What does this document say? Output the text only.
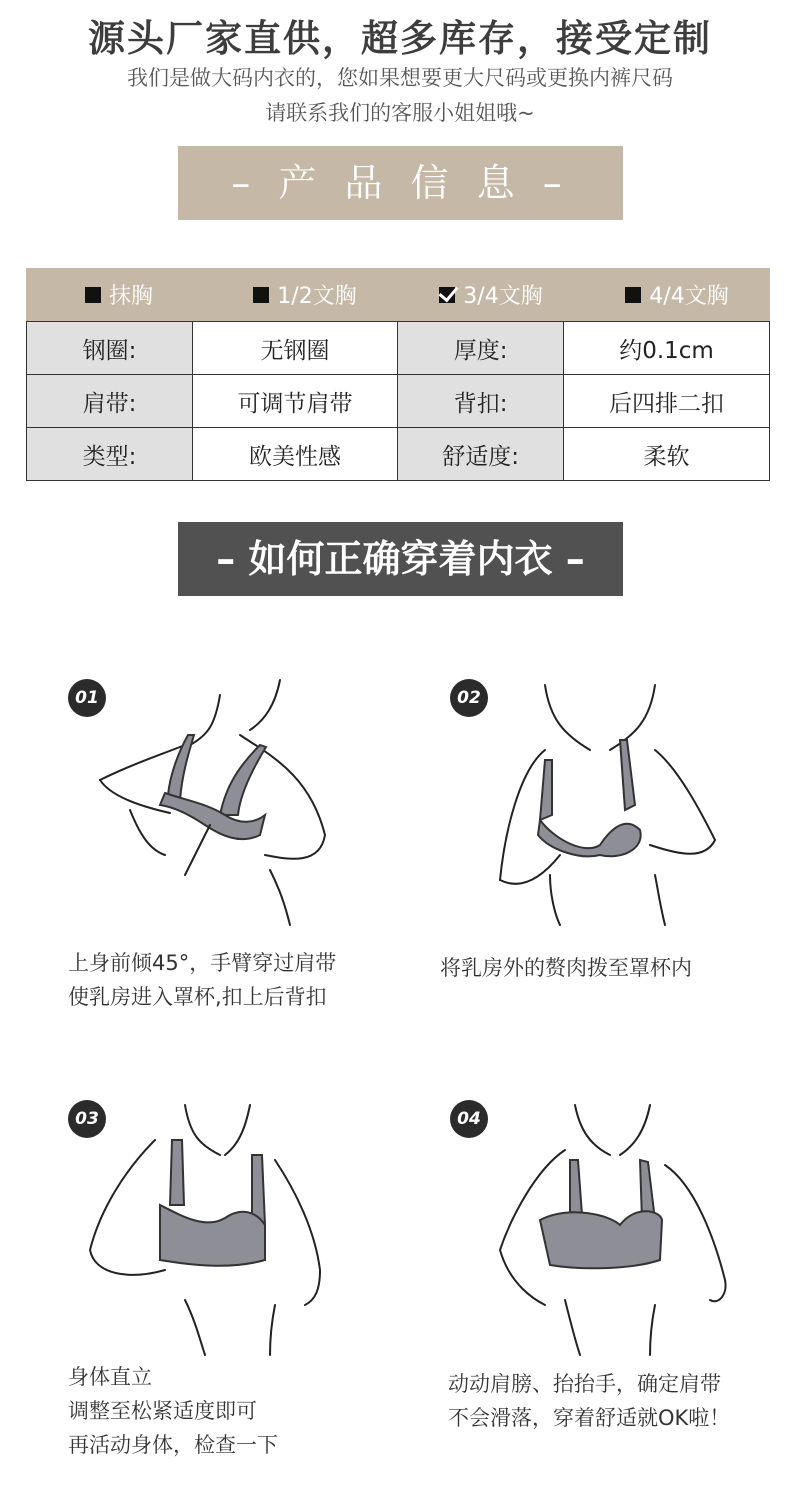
源头厂家直供，超多库存，接受定制
我们是做大码内衣的，您如果想要更大尺码或更换内裤尺码
请联系我们的客服小姐姐哦~
– 产 品 信 息 –
抹胸	1/2文胸	3/4文胸	4/4文胸
钢圈:	无钢圈	厚度:	约0.1cm
肩带:	可调节肩带	背扣:	后四排二扣
类型:	欧美性感	舒适度:	柔软
– 如何正确穿着内衣 –
01
上身前倾45°，手臂穿过肩带
使乳房进入罩杯,扣上后背扣
02
将乳房外的赘肉拨至罩杯内
03
身体直立
调整至松紧适度即可
再活动身体，检查一下
04
动动肩膀、抬抬手，确定肩带
不会滑落，穿着舒适就OK啦！
